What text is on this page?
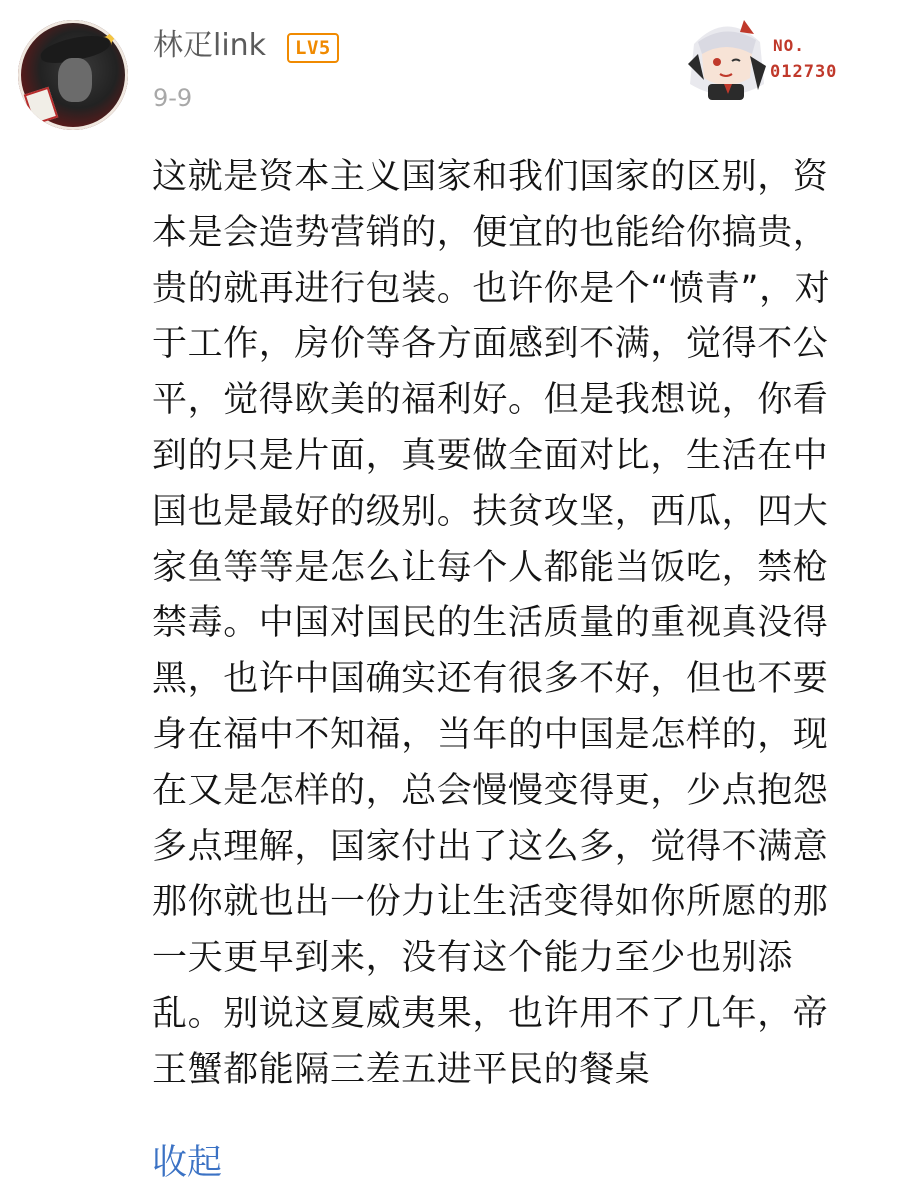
✦ 林疋link	LV5
9-9
NO.
012730
这就是资本主义国家和我们国家的区别，资
本是会造势营销的，便宜的也能给你搞贵，
贵的就再进行包装。也许你是个“愤青”，对
于工作，房价等各方面感到不满，觉得不公
平，觉得欧美的福利好。但是我想说，你看
到的只是片面，真要做全面对比，生活在中
国也是最好的级别。扶贫攻坚，西瓜，四大
家鱼等等是怎么让每个人都能当饭吃，禁枪
禁毒。中国对国民的生活质量的重视真没得
黑，也许中国确实还有很多不好，但也不要
身在福中不知福，当年的中国是怎样的，现
在又是怎样的，总会慢慢变得更，少点抱怨
多点理解，国家付出了这么多，觉得不满意
那你就也出一份力让生活变得如你所愿的那
一天更早到来，没有这个能力至少也别添
乱。别说这夏威夷果，也许用不了几年，帝
王蟹都能隔三差五进平民的餐桌
收起
